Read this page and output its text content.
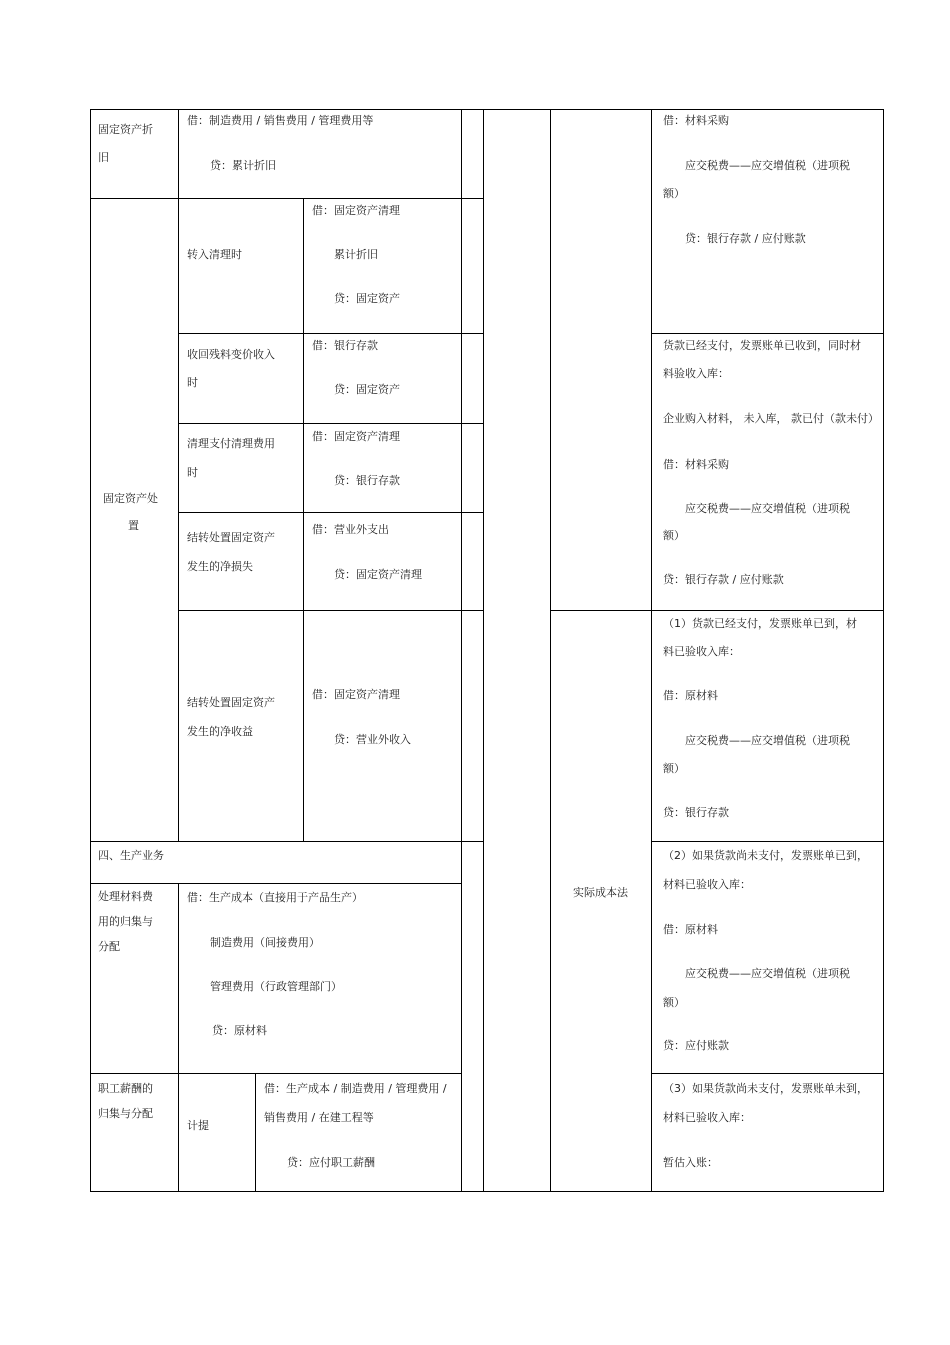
固定资产折
旧
借：制造费用 / 销售费用 / 管理费用等
贷：累计折旧
固定资产处
置
转入清理时
借：固定资产清理
累计折旧
贷：固定资产
收回残料变价收入
时
借：银行存款
贷：固定资产
清理支付清理费用
时
借：固定资产清理
贷：银行存款
结转处置固定资产
发生的净损失
借：营业外支出
贷：固定资产清理
结转处置固定资产
发生的净收益
借：固定资产清理
贷：营业外收入
四、生产业务
处理材料费
用的归集与
分配
借：生产成本（直接用于产品生产）
制造费用（间接费用）
管理费用（行政管理部门）
贷：原材料
职工薪酬的
归集与分配
计提
借：生产成本 / 制造费用 / 管理费用 /
销售费用 / 在建工程等
贷：应付职工薪酬
实际成本法
借：材料采购
应交税费——应交增值税（进项税
额）
贷：银行存款 / 应付账款
货款已经支付，发票账单已收到，同时材
料验收入库：
企业购入材料， 未入库， 款已付（款未付）
借：材料采购
应交税费——应交增值税（进项税
额）
贷：银行存款 / 应付账款
（1）货款已经支付，发票账单已到，材
料已验收入库：
借：原材料
应交税费——应交增值税（进项税
额）
贷：银行存款
（2）如果货款尚未支付，发票账单已到，
材料已验收入库：
借：原材料
应交税费——应交增值税（进项税
额）
贷：应付账款
（3）如果货款尚未支付，发票账单未到，
材料已验收入库：
暂估入账：
